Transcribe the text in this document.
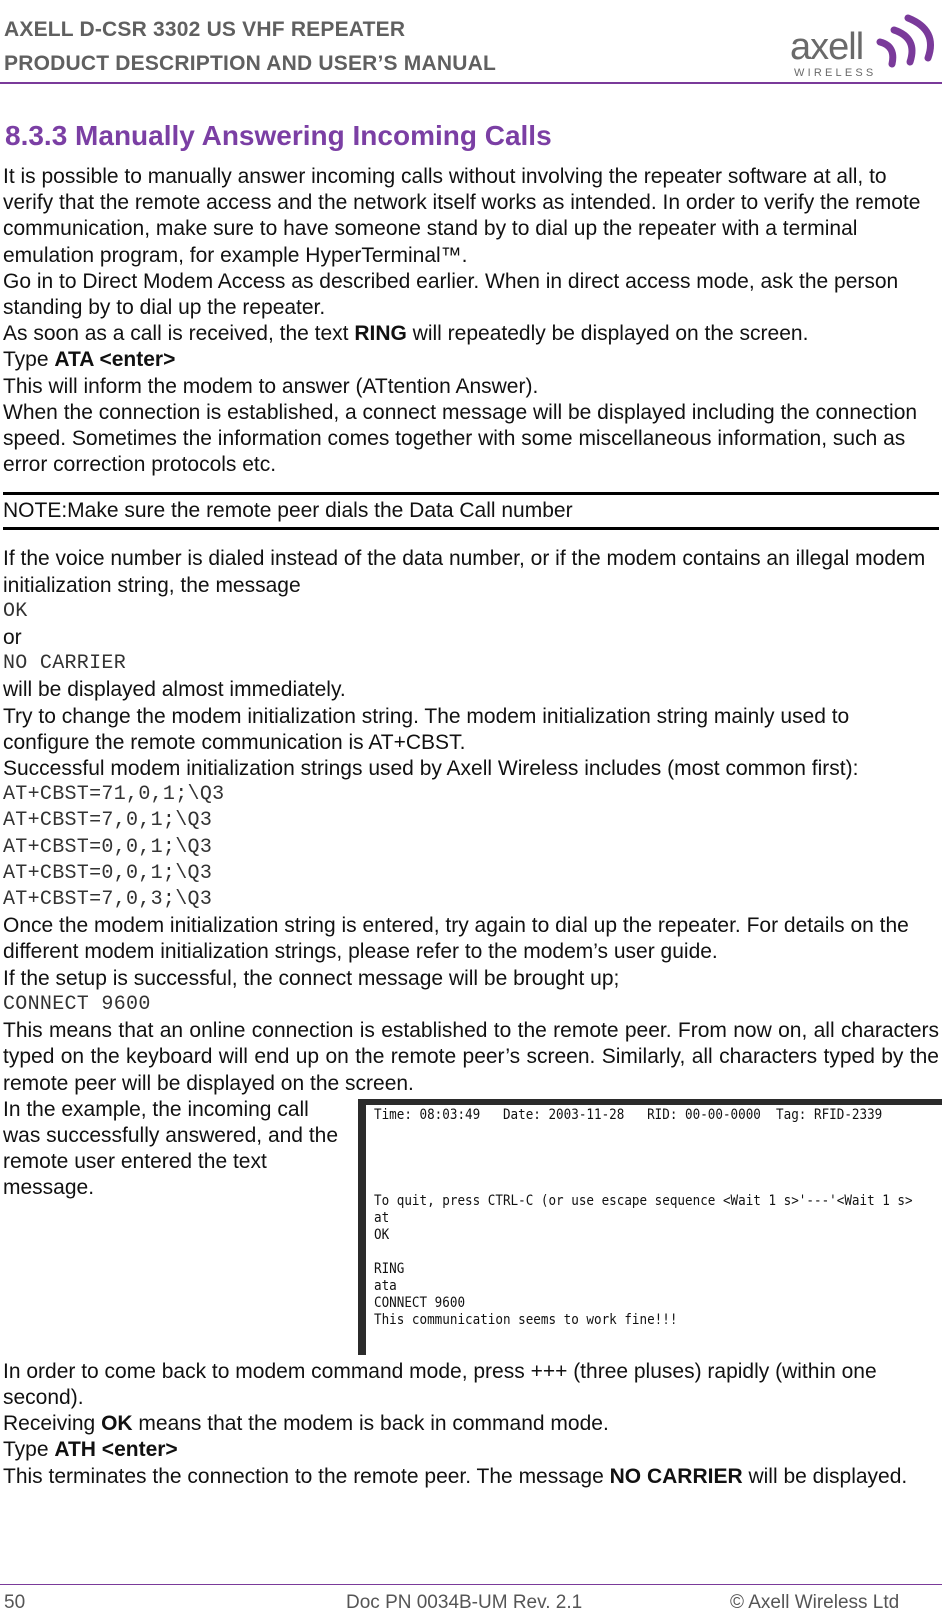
AXELL D-CSR 3302 US VHF REPEATER
PRODUCT DESCRIPTION AND USER’S MANUAL	axell
WIRELESS
8.3.3 Manually Answering Incoming Calls

It is possible to manually answer incoming calls without involving the repeater software at all, to verify that the remote access and the network itself works as intended. In order to verify the remote communication, make sure to have someone stand by to dial up the repeater with a terminal emulation program, for example HyperTerminal™.

Go in to Direct Modem Access as described earlier. When in direct access mode, ask the person standing by to dial up the repeater.

As soon as a call is received, the text RING will repeatedly be displayed on the screen.

Type ATA <enter>

This will inform the modem to answer (ATtention Answer).

When the connection is established, a connect message will be displayed including the connection speed. Sometimes the information comes together with some miscellaneous information, such as error correction protocols etc.

NOTE:Make sure the remote peer dials the Data Call number

If the voice number is dialed instead of the data number, or if the modem contains an illegal modem initialization string, the message

OK

or

NO CARRIER

will be displayed almost immediately.

Try to change the modem initialization string. The modem initialization string mainly used to configure the remote communication is AT+CBST.

Successful modem initialization strings used by Axell Wireless includes (most common first):

AT+CBST=71,0,1;\Q3

AT+CBST=7,0,1;\Q3

AT+CBST=0,0,1;\Q3

AT+CBST=0,0,1;\Q3

AT+CBST=7,0,3;\Q3

Once the modem initialization string is entered, try again to dial up the repeater. For details on the different modem initialization strings, please refer to the modem’s user guide.

If the setup is successful, the connect message will be brought up;

CONNECT 9600

This means that an online connection is established to the remote peer. From now on, all characters typed on the keyboard will end up on the remote peer’s screen. Similarly, all characters typed by the remote peer will be displayed on the screen.

In the example, the incoming call was successfully answered, and the remote user entered the text message.
Time: 08:03:49   Date: 2003-11-28   RID: 00-00-0000  Tag: RFID-2339
To quit, press CTRL-C (or use escape sequence <Wait 1 s>'---'<Wait 1 s>
at
OK
RING
ata
CONNECT 9600
This communication seems to work fine!!!

In order to come back to modem command mode, press +++ (three pluses) rapidly (within one second).

Receiving OK means that the modem is back in command mode.

Type ATH <enter>

This terminates the connection to the remote peer. The message NO CARRIER will be displayed.

50	Doc PN 0034B-UM Rev. 2.1	© Axell Wireless Ltd
